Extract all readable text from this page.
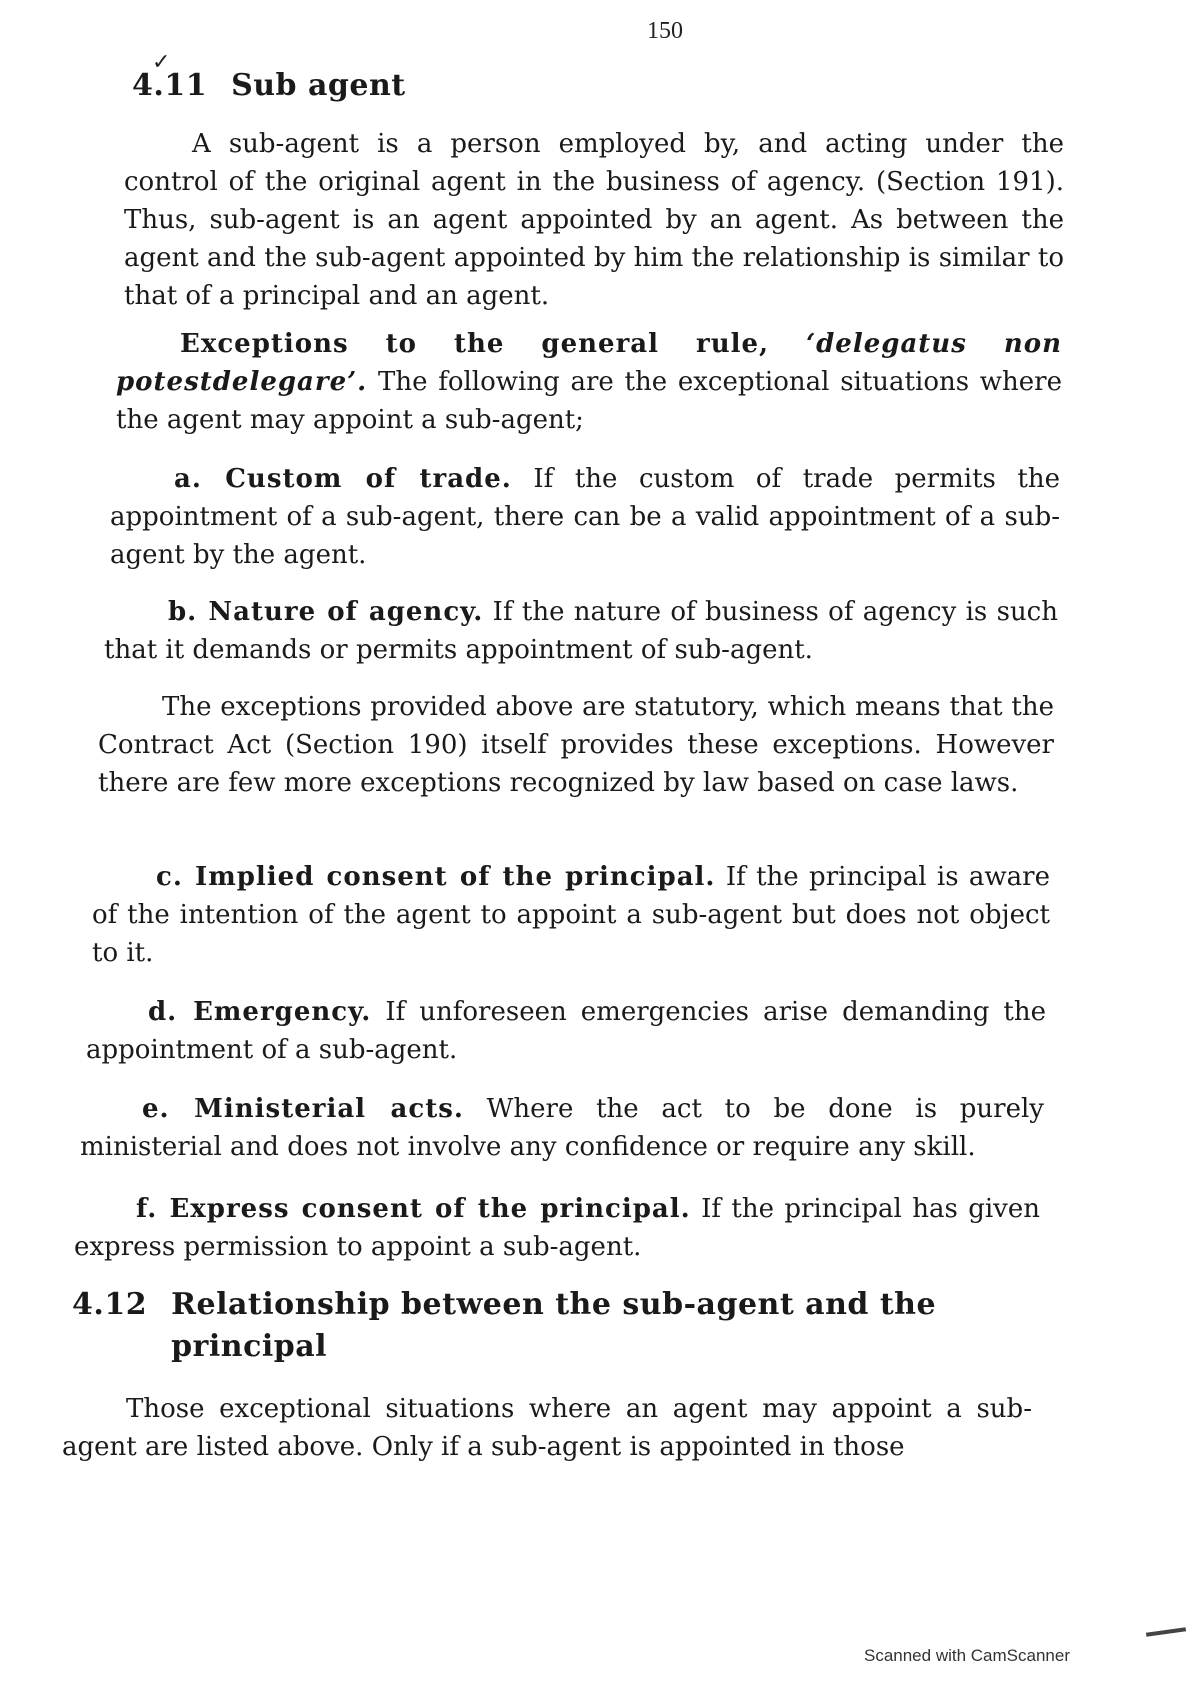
150
✓
4.11 Sub agent

A sub-agent is a person employed by, and acting under the control of the original agent in the business of agency. (Section 191). Thus, sub-agent is an agent appointed by an agent. As between the agent and the sub-agent appointed by him the relationship is similar to that of a principal and an agent.

Exceptions to the general rule, ‘delegatus non potestdelegare’. The following are the exceptional situations where the agent may appoint a sub-agent;

a. Custom of trade. If the custom of trade permits the appointment of a sub-agent, there can be a valid appointment of a sub-agent by the agent.

b. Nature of agency. If the nature of business of agency is such that it demands or permits appointment of sub-agent.

The exceptions provided above are statutory, which means that the Contract Act (Section 190) itself provides these exceptions. However there are few more exceptions recognized by law based on case laws.

c. Implied consent of the principal. If the principal is aware of the intention of the agent to appoint a sub-agent but does not object to it.

d. Emergency. If unforeseen emergencies arise demanding the appointment of a sub-agent.

e. Ministerial acts. Where the act to be done is purely ministerial and does not involve any confidence or require any skill.

f. Express consent of the principal. If the principal has given express permission to appoint a sub-agent.

4.12 Relationship between the sub-agent and the principal

Those exceptional situations where an agent may appoint a sub-agent are listed above. Only if a sub-agent is appointed in those

Scanned with CamScanner
